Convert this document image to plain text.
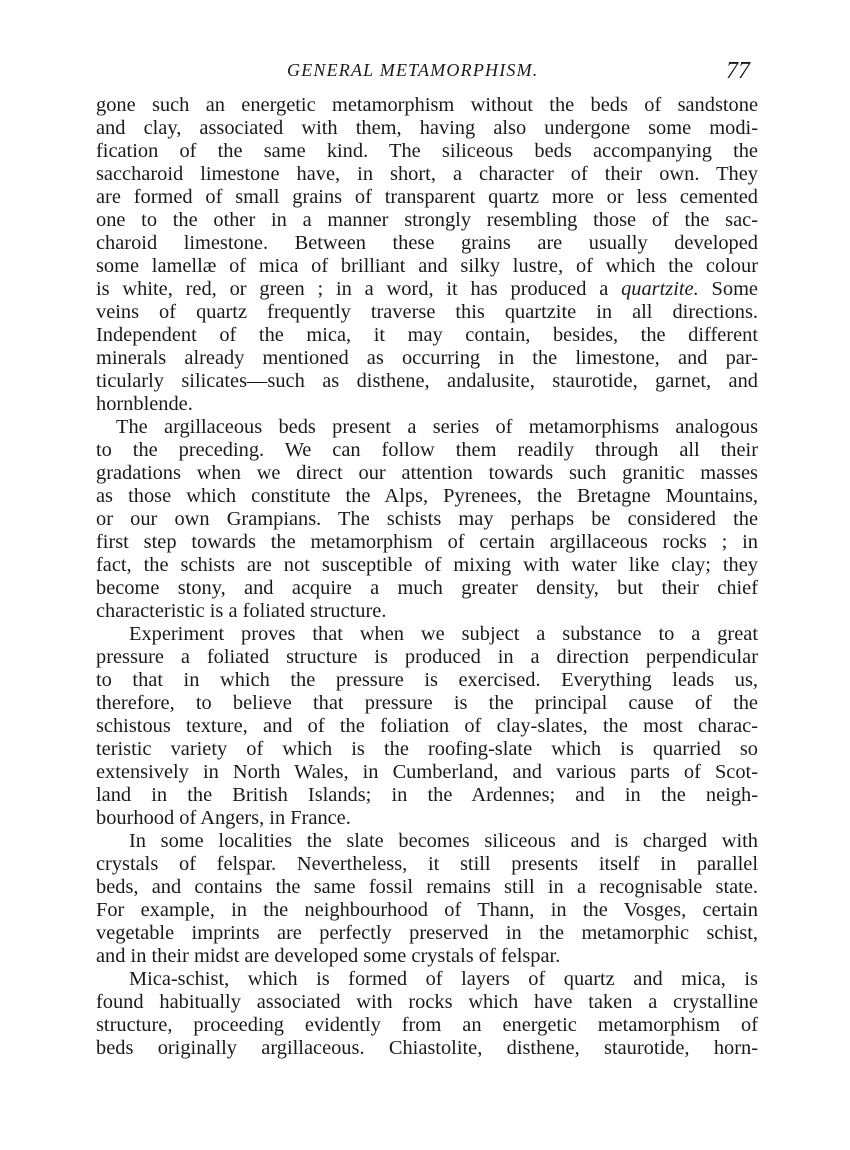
GENERAL METAMORPHISM.	77
gone such an energetic metamorphism without the beds of sandstone
and clay, associated with them, having also undergone some modi-
fication of the same kind. The siliceous beds accompanying the
saccharoid limestone have, in short, a character of their own. They
are formed of small grains of transparent quartz more or less cemented
one to the other in a manner strongly resembling those of the sac-
charoid limestone. Between these grains are usually developed
some lamellæ of mica of brilliant and silky lustre, of which the colour
is white, red, or green ; in a word, it has produced a quartzite. Some
veins of quartz frequently traverse this quartzite in all directions.
Independent of the mica, it may contain, besides, the different
minerals already mentioned as occurring in the limestone, and par-
ticularly silicates—such as disthene, andalusite, staurotide, garnet, and
hornblende.
The argillaceous beds present a series of metamorphisms analogous
to the preceding. We can follow them readily through all their
gradations when we direct our attention towards such granitic masses
as those which constitute the Alps, Pyrenees, the Bretagne Mountains,
or our own Grampians. The schists may perhaps be considered the
first step towards the metamorphism of certain argillaceous rocks ; in
fact, the schists are not susceptible of mixing with water like clay; they
become stony, and acquire a much greater density, but their chief
characteristic is a foliated structure.
Experiment proves that when we subject a substance to a great
pressure a foliated structure is produced in a direction perpendicular
to that in which the pressure is exercised. Everything leads us,
therefore, to believe that pressure is the principal cause of the
schistous texture, and of the foliation of clay-slates, the most charac-
teristic variety of which is the roofing-slate which is quarried so
extensively in North Wales, in Cumberland, and various parts of Scot-
land in the British Islands; in the Ardennes; and in the neigh-
bourhood of Angers, in France.
In some localities the slate becomes siliceous and is charged with
crystals of felspar. Nevertheless, it still presents itself in parallel
beds, and contains the same fossil remains still in a recognisable state.
For example, in the neighbourhood of Thann, in the Vosges, certain
vegetable imprints are perfectly preserved in the metamorphic schist,
and in their midst are developed some crystals of felspar.
Mica-schist, which is formed of layers of quartz and mica, is
found habitually associated with rocks which have taken a crystalline
structure, proceeding evidently from an energetic metamorphism of
beds originally argillaceous. Chiastolite, disthene, staurotide, horn-
